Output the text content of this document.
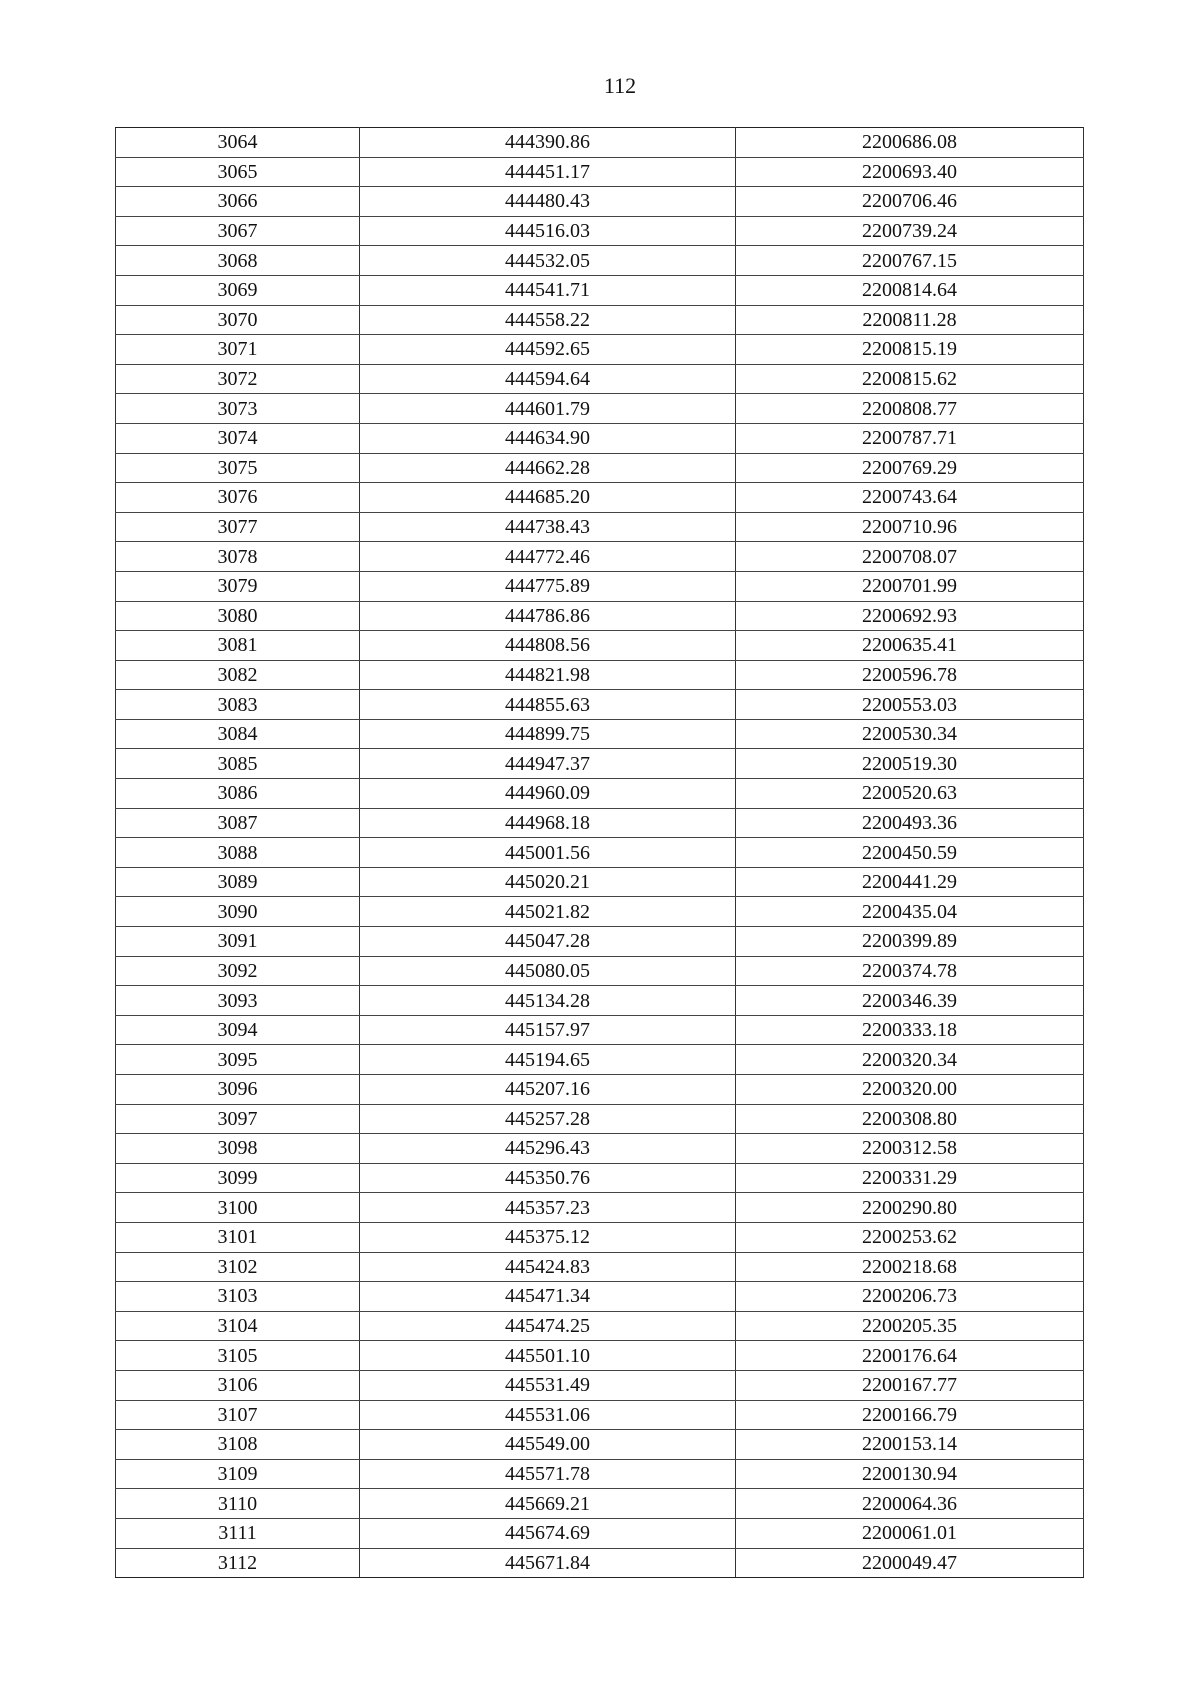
112
3064	444390.86	2200686.08
3065	444451.17	2200693.40
3066	444480.43	2200706.46
3067	444516.03	2200739.24
3068	444532.05	2200767.15
3069	444541.71	2200814.64
3070	444558.22	2200811.28
3071	444592.65	2200815.19
3072	444594.64	2200815.62
3073	444601.79	2200808.77
3074	444634.90	2200787.71
3075	444662.28	2200769.29
3076	444685.20	2200743.64
3077	444738.43	2200710.96
3078	444772.46	2200708.07
3079	444775.89	2200701.99
3080	444786.86	2200692.93
3081	444808.56	2200635.41
3082	444821.98	2200596.78
3083	444855.63	2200553.03
3084	444899.75	2200530.34
3085	444947.37	2200519.30
3086	444960.09	2200520.63
3087	444968.18	2200493.36
3088	445001.56	2200450.59
3089	445020.21	2200441.29
3090	445021.82	2200435.04
3091	445047.28	2200399.89
3092	445080.05	2200374.78
3093	445134.28	2200346.39
3094	445157.97	2200333.18
3095	445194.65	2200320.34
3096	445207.16	2200320.00
3097	445257.28	2200308.80
3098	445296.43	2200312.58
3099	445350.76	2200331.29
3100	445357.23	2200290.80
3101	445375.12	2200253.62
3102	445424.83	2200218.68
3103	445471.34	2200206.73
3104	445474.25	2200205.35
3105	445501.10	2200176.64
3106	445531.49	2200167.77
3107	445531.06	2200166.79
3108	445549.00	2200153.14
3109	445571.78	2200130.94
3110	445669.21	2200064.36
3111	445674.69	2200061.01
3112	445671.84	2200049.47
